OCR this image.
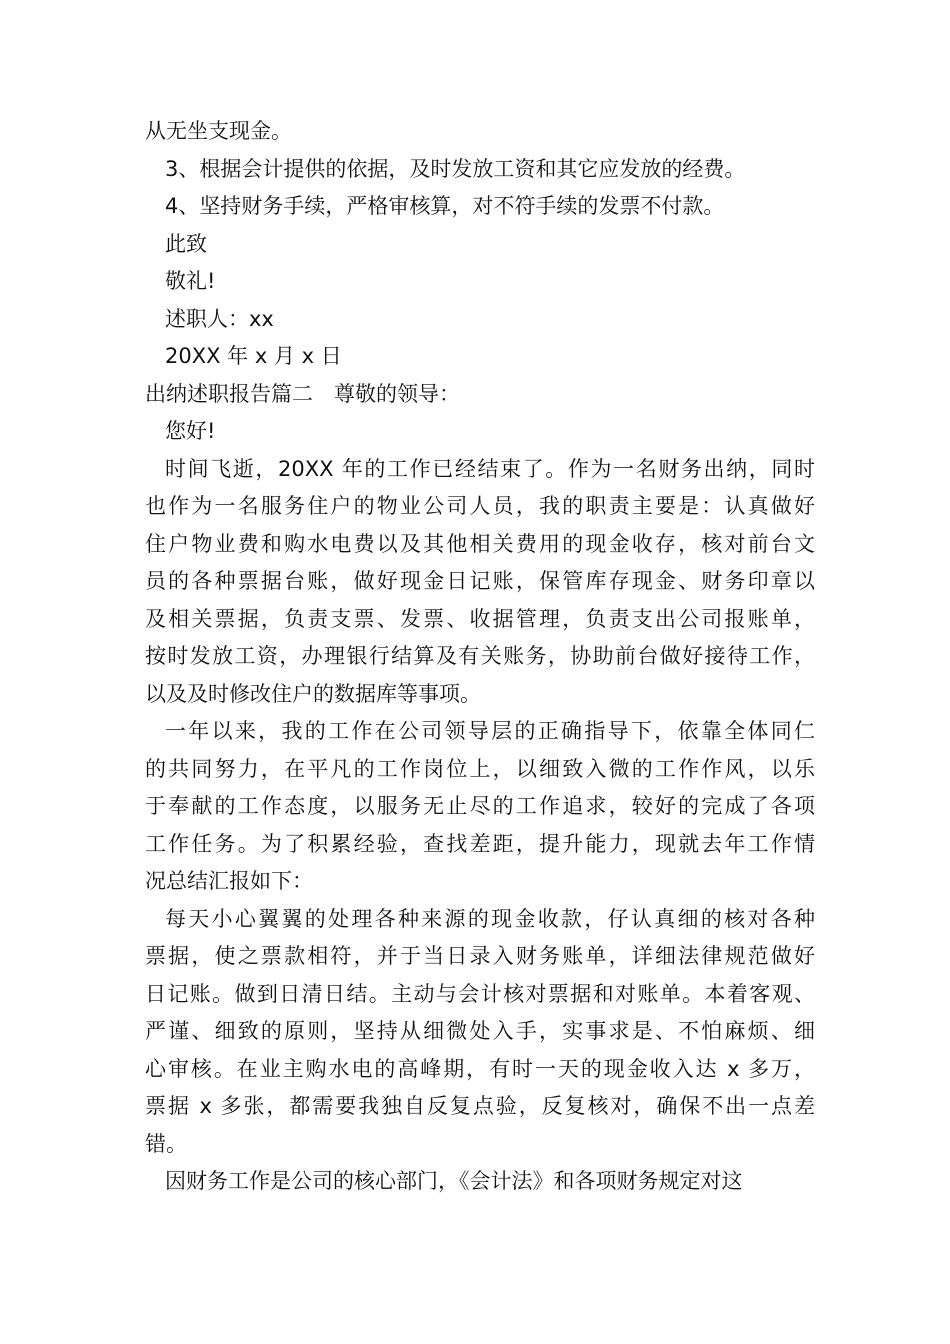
从无坐支现金。
3、根据会计提供的依据，及时发放工资和其它应发放的经费。
4、坚持财务手续，严格审核算，对不符手续的发票不付款。
此致
敬礼!
述职人：xx
20XX 年 x 月 x 日
出纳述职报告篇二　尊敬的领导：
您好!
时间飞逝，20XX 年的工作已经结束了。作为一名财务出纳，同时
也作为一名服务住户的物业公司人员，我的职责主要是：认真做好
住户物业费和购水电费以及其他相关费用的现金收存，核对前台文
员的各种票据台账，做好现金日记账，保管库存现金、财务印章以
及相关票据，负责支票、发票、收据管理，负责支出公司报账单，
按时发放工资，办理银行结算及有关账务，协助前台做好接待工作，
以及及时修改住户的数据库等事项。
一年以来，我的工作在公司领导层的正确指导下，依靠全体同仁
的共同努力，在平凡的工作岗位上，以细致入微的工作作风，以乐
于奉献的工作态度，以服务无止尽的工作追求，较好的完成了各项
工作任务。为了积累经验，查找差距，提升能力，现就去年工作情
况总结汇报如下：
每天小心翼翼的处理各种来源的现金收款，仔认真细的核对各种
票据，使之票款相符，并于当日录入财务账单，详细法律规范做好
日记账。做到日清日结。主动与会计核对票据和对账单。本着客观、
严谨、细致的原则，坚持从细微处入手，实事求是、不怕麻烦、细
心审核。在业主购水电的高峰期，有时一天的现金收入达 x 多万，
票据 x 多张，都需要我独自反复点验，反复核对，确保不出一点差
错。
因财务工作是公司的核心部门，《会计法》和各项财务规定对这
